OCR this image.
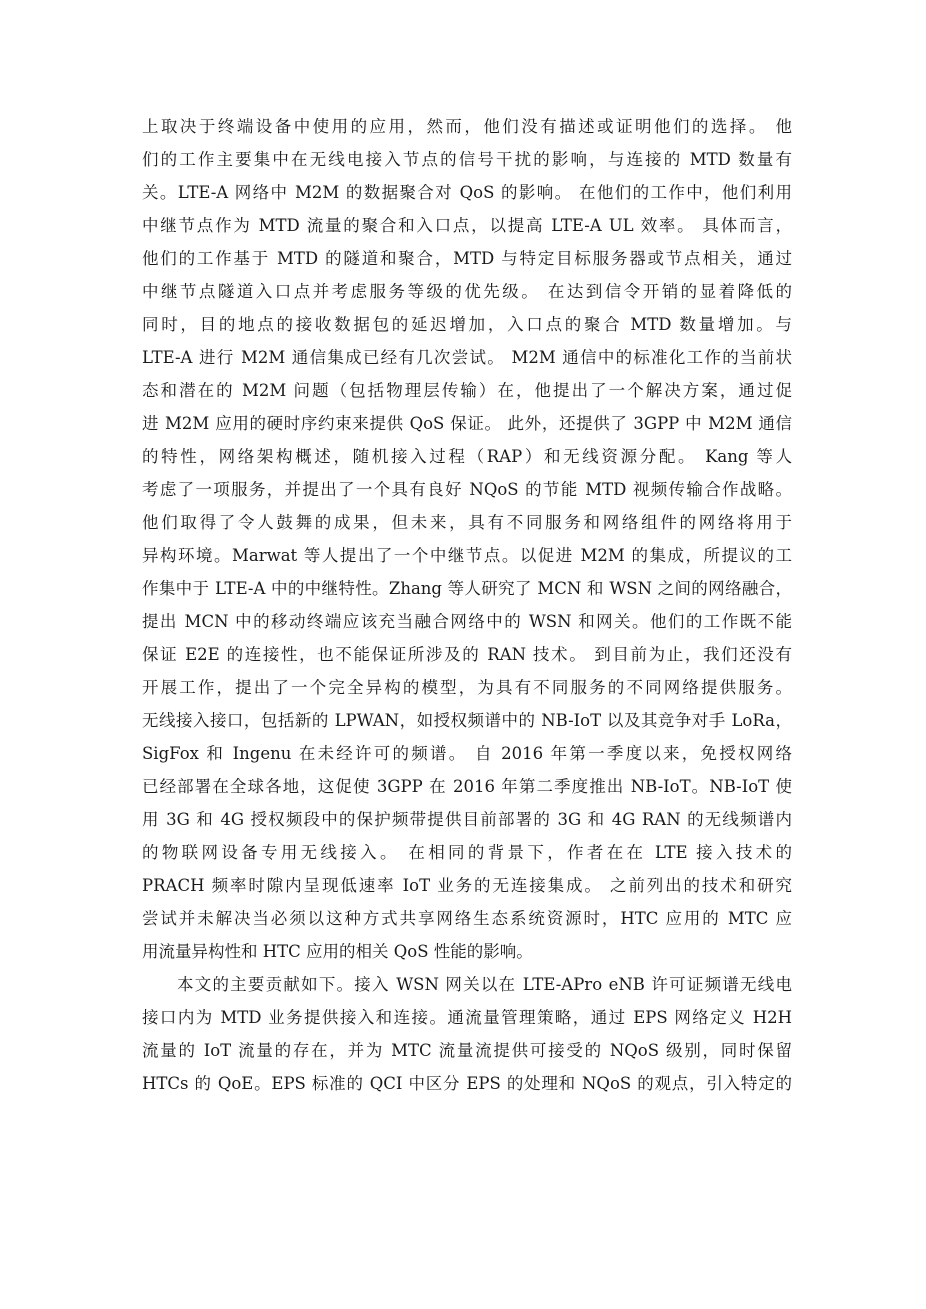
上取决于终端设备中使用的应用，然而，他们没有描述或证明他们的选择。 他
们的工作主要集中在无线电接入节点的信号干扰的影响，与连接的 MTD 数量有
关。LTE-A 网络中 M2M 的数据聚合对 QoS 的影响。 在他们的工作中，他们利用
中继节点作为 MTD 流量的聚合和入口点，以提高 LTE-A UL 效率。 具体而言，
他们的工作基于 MTD 的隧道和聚合，MTD 与特定目标服务器或节点相关，通过
中继节点隧道入口点并考虑服务等级的优先级。 在达到信令开销的显着降低的
同时，目的地点的接收数据包的延迟增加，入口点的聚合 MTD 数量增加。与
LTE-A 进行 M2M 通信集成已经有几次尝试。 M2M 通信中的标准化工作的当前状
态和潜在的 M2M 问题（包括物理层传输）在，他提出了一个解决方案，通过促
进 M2M 应用的硬时序约束来提供 QoS 保证。 此外，还提供了 3GPP 中 M2M 通信
的特性，网络架构概述，随机接入过程（RAP）和无线资源分配。 Kang 等人
考虑了一项服务，并提出了一个具有良好 NQoS 的节能 MTD 视频传输合作战略。
他们取得了令人鼓舞的成果，但未来，具有不同服务和网络组件的网络将用于
异构环境。Marwat 等人提出了一个中继节点。以促进 M2M 的集成，所提议的工
作集中于 LTE-A 中的中继特性。Zhang 等人研究了 MCN 和 WSN 之间的网络融合，
提出 MCN 中的移动终端应该充当融合网络中的 WSN 和网关。他们的工作既不能
保证 E2E 的连接性，也不能保证所涉及的 RAN 技术。 到目前为止，我们还没有
开展工作，提出了一个完全异构的模型，为具有不同服务的不同网络提供服务。
无线接入接口，包括新的 LPWAN，如授权频谱中的 NB-IoT 以及其竞争对手 LoRa，
SigFox 和 Ingenu 在未经许可的频谱。 自 2016 年第一季度以来，免授权网络
已经部署在全球各地，这促使 3GPP 在 2016 年第二季度推出 NB-IoT。NB-IoT 使
用 3G 和 4G 授权频段中的保护频带提供目前部署的 3G 和 4G RAN 的无线频谱内
的物联网设备专用无线接入。 在相同的背景下，作者在在 LTE 接入技术的
PRACH 频率时隙内呈现低速率 IoT 业务的无连接集成。 之前列出的技术和研究
尝试并未解决当必须以这种方式共享网络生态系统资源时，HTC 应用的 MTC 应
用流量异构性和 HTC 应用的相关 QoS 性能的影响。
本文的主要贡献如下。接入 WSN 网关以在 LTE-APro eNB 许可证频谱无线电
接口内为 MTD 业务提供接入和连接。通流量管理策略，通过 EPS 网络定义 H2H
流量的 IoT 流量的存在，并为 MTC 流量流提供可接受的 NQoS 级别，同时保留
HTCs 的 QoE。EPS 标准的 QCI 中区分 EPS 的处理和 NQoS 的观点，引入特定的
